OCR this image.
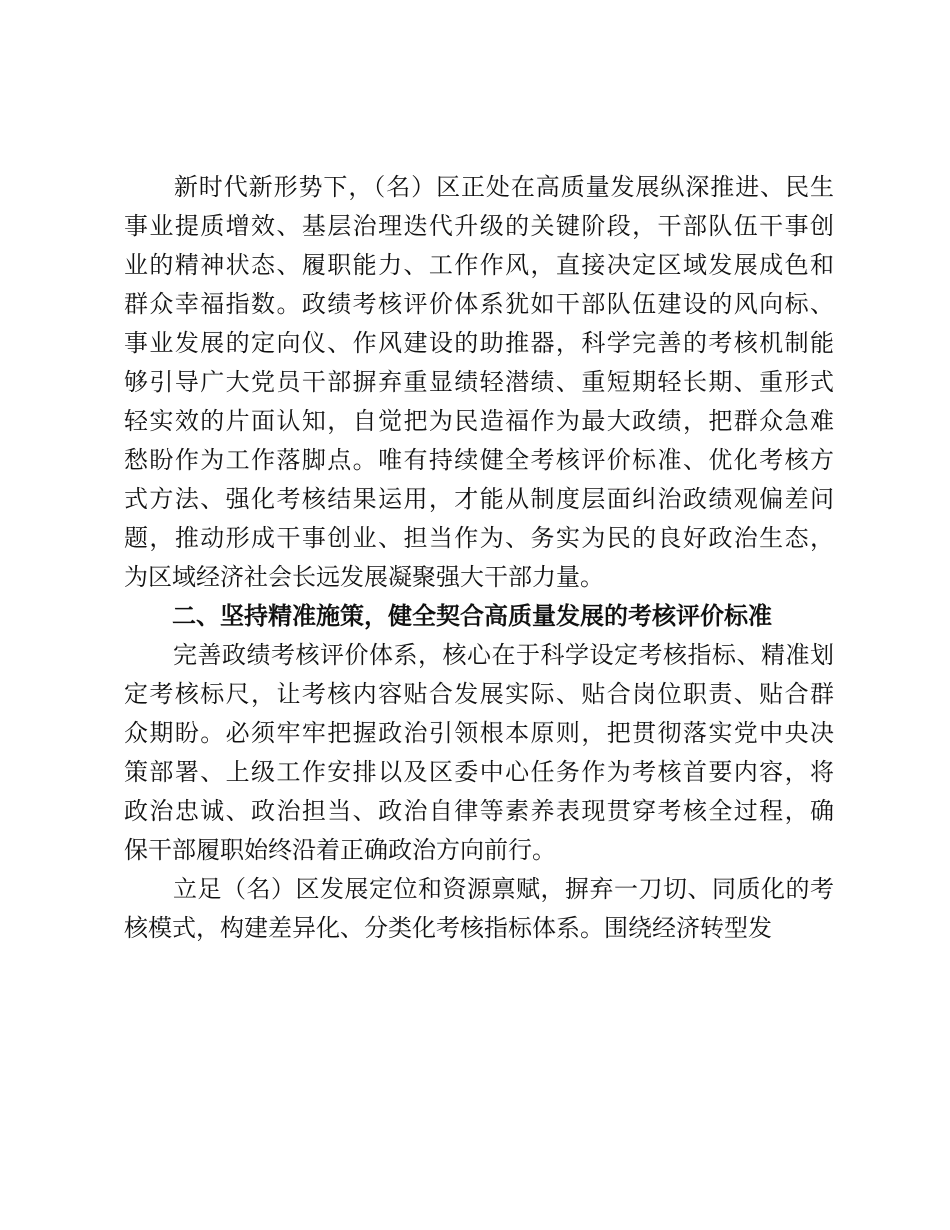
　　新时代新形势下，（名）区正处在高质量发展纵深推进、民生
事业提质增效、基层治理迭代升级的关键阶段，干部队伍干事创
业的精神状态、履职能力、工作作风，直接决定区域发展成色和
群众幸福指数。政绩考核评价体系犹如干部队伍建设的风向标、
事业发展的定向仪、作风建设的助推器，科学完善的考核机制能
够引导广大党员干部摒弃重显绩轻潜绩、重短期轻长期、重形式
轻实效的片面认知，自觉把为民造福作为最大政绩，把群众急难
愁盼作为工作落脚点。唯有持续健全考核评价标准、优化考核方
式方法、强化考核结果运用，才能从制度层面纠治政绩观偏差问
题，推动形成干事创业、担当作为、务实为民的良好政治生态，
为区域经济社会长远发展凝聚强大干部力量。
　　二、坚持精准施策，健全契合高质量发展的考核评价标准
　　完善政绩考核评价体系，核心在于科学设定考核指标、精准划
定考核标尺，让考核内容贴合发展实际、贴合岗位职责、贴合群
众期盼。必须牢牢把握政治引领根本原则，把贯彻落实党中央决
策部署、上级工作安排以及区委中心任务作为考核首要内容，将
政治忠诚、政治担当、政治自律等素养表现贯穿考核全过程，确
保干部履职始终沿着正确政治方向前行。
　　立足（名）区发展定位和资源禀赋，摒弃一刀切、同质化的考
核模式，构建差异化、分类化考核指标体系。围绕经济转型发
